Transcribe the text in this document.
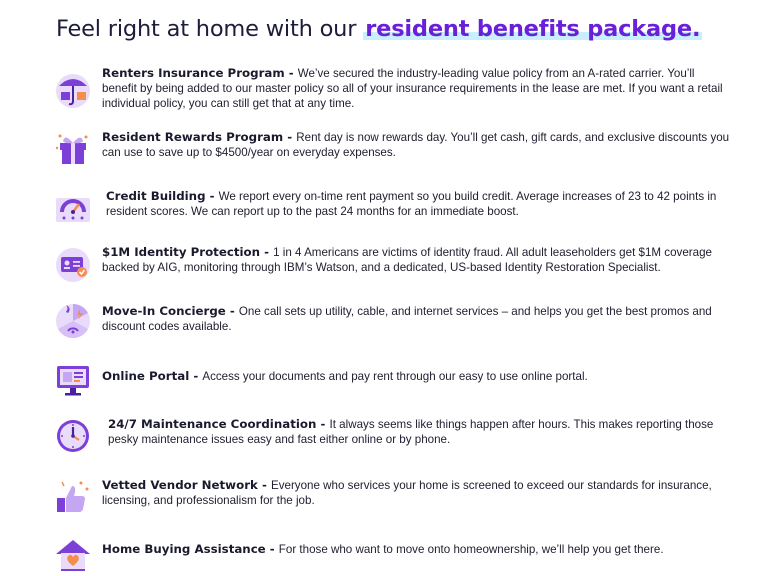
Feel right at home with our resident benefits package.
Renters Insurance Program - We’ve secured the industry-leading value policy from an A-rated carrier. You’ll benefit by being added to our master policy so all of your insurance requirements in the lease are met. If you want a retail individual policy, you can still get that at any time.
Resident Rewards Program - Rent day is now rewards day. You’ll get cash, gift cards, and exclusive discounts you can use to save up to $4500/year on everyday expenses.
Credit Building - We report every on-time rent payment so you build credit. Average increases of 23 to 42 points in resident scores. We can report up to the past 24 months for an immediate boost.
$1M Identity Protection - 1 in 4 Americans are victims of identity fraud. All adult leaseholders get $1M coverage backed by AIG, monitoring through IBM’s Watson, and a dedicated, US-based Identity Restoration Specialist.
Move-In Concierge - One call sets up utility, cable, and internet services – and helps you get the best promos and discount codes available.
Online Portal - Access your documents and pay rent through our easy to use online portal.
24/7 Maintenance Coordination - It always seems like things happen after hours. This makes reporting those pesky maintenance issues easy and fast either online or by phone.
Vetted Vendor Network - Everyone who services your home is screened to exceed our standards for insurance, licensing, and professionalism for the job.
Home Buying Assistance - For those who want to move onto homeownership, we’ll help you get there.
